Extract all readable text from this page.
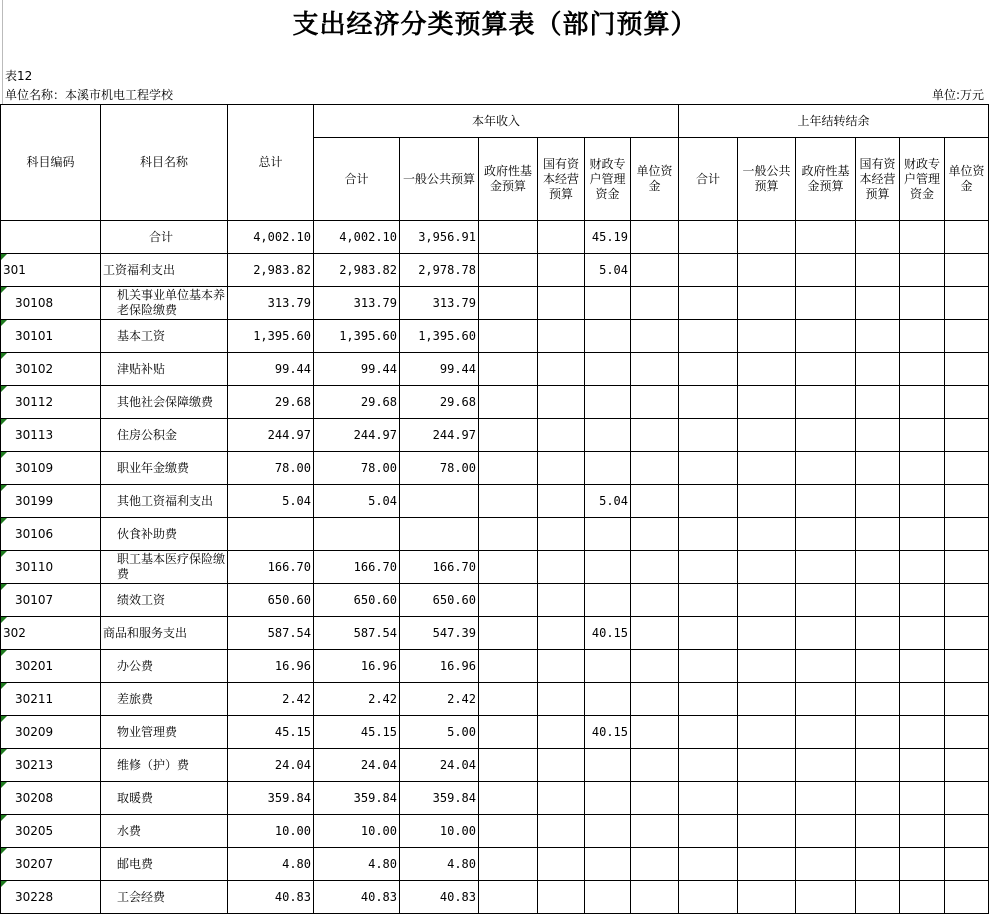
支出经济分类预算表（部门预算）
表12
单位名称：本溪市机电工程学校	单位:万元
科目编码	科目名称	总计	本年收入						上年结转结余					
			合计	一般公共预算	政府性基金预算	国有资本经营预算	财政专户管理资金	单位资金	合计	一般公共预算	政府性基金预算	国有资本经营预算	财政专户管理资金	单位资金
	合计	4,002.10	4,002.10	3,956.91			45.19							
301	工资福利支出	2,983.82	2,983.82	2,978.78			5.04							
30108	机关事业单位基本养老保险缴费	313.79	313.79	313.79										
30101	基本工资	1,395.60	1,395.60	1,395.60										
30102	津贴补贴	99.44	99.44	99.44										
30112	其他社会保障缴费	29.68	29.68	29.68										
30113	住房公积金	244.97	244.97	244.97										
30109	职业年金缴费	78.00	78.00	78.00										
30199	其他工资福利支出	5.04	5.04				5.04							
30106	伙食补助费													
30110	职工基本医疗保险缴费	166.70	166.70	166.70										
30107	绩效工资	650.60	650.60	650.60										
302	商品和服务支出	587.54	587.54	547.39			40.15							
30201	办公费	16.96	16.96	16.96										
30211	差旅费	2.42	2.42	2.42										
30209	物业管理费	45.15	45.15	5.00			40.15							
30213	维修（护）费	24.04	24.04	24.04										
30208	取暖费	359.84	359.84	359.84										
30205	水费	10.00	10.00	10.00										
30207	邮电费	4.80	4.80	4.80										
30228	工会经费	40.83	40.83	40.83										
